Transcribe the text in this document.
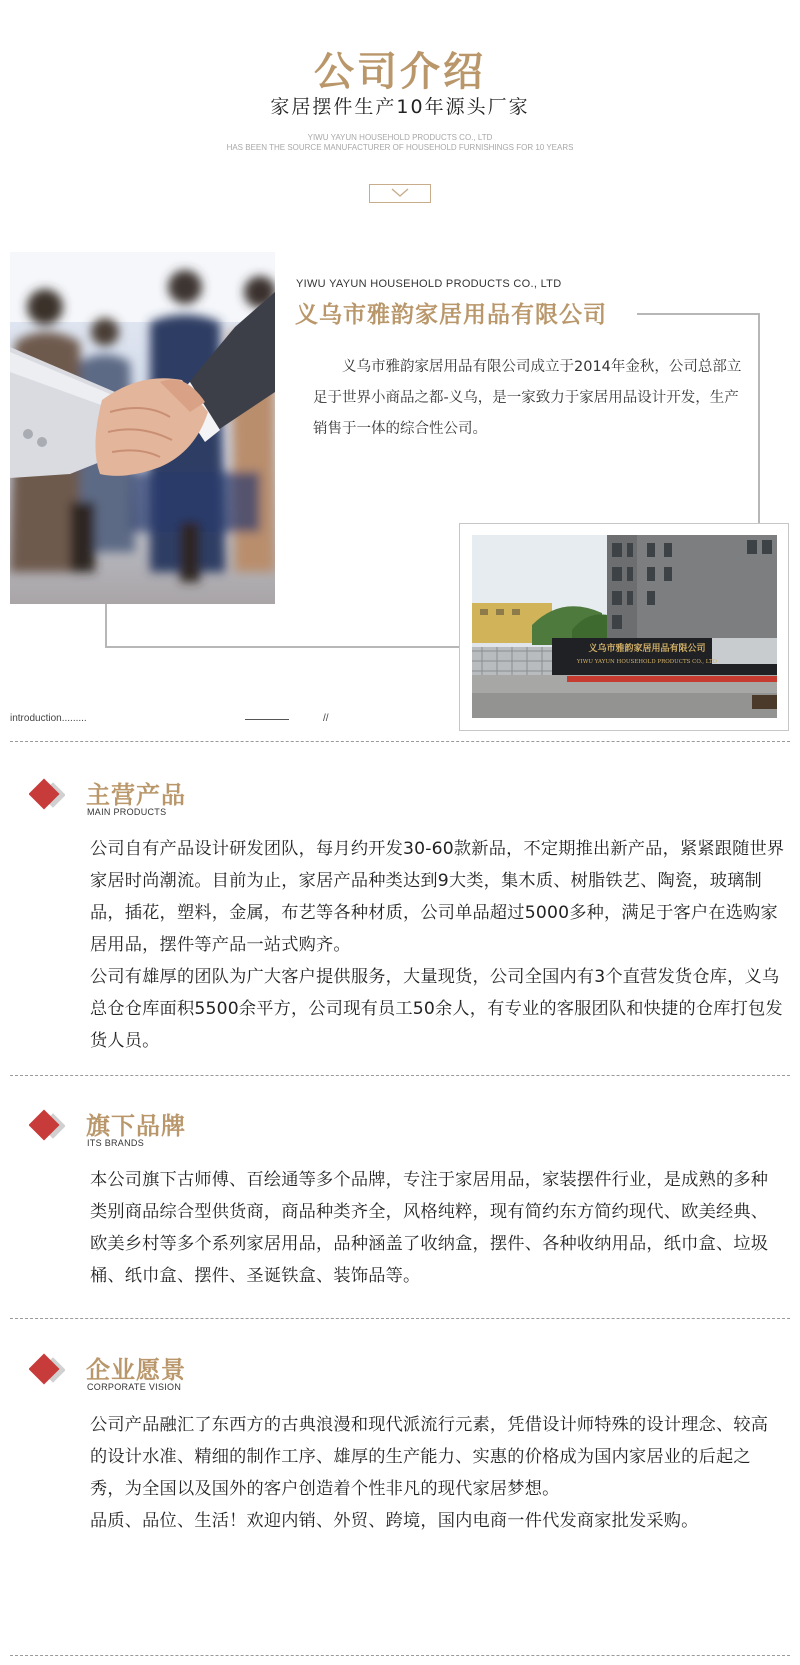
公司介绍
家居摆件生产10年源头厂家
YIWU YAYUN HOUSEHOLD PRODUCTS CO., LTD
HAS BEEN THE SOURCE MANUFACTURER OF HOUSEHOLD FURNISHINGS FOR 10 YEARS
YIWU YAYUN HOUSEHOLD PRODUCTS CO., LTD
义乌市雅韵家居用品有限公司
义乌市雅韵家居用品有限公司成立于2014年金秋，公司总部立足于世界小商品之都-义乌，是一家致力于家居用品设计开发，生产销售于一体的综合性公司。
义乌市雅韵家居用品有限公司
YIWU YAYUN HOUSEHOLD PRODUCTS CO., LTD
introduction.........	//
主营产品
MAIN PRODUCTS

公司自有产品设计研发团队，每月约开发30-60款新品，不定期推出新产品，紧紧跟随世界家居时尚潮流。目前为止，家居产品种类达到9大类，集木质、树脂铁艺、陶瓷，玻璃制品，插花，塑料，金属，布艺等各种材质，公司单品超过5000多种，满足于客户在选购家居用品，摆件等产品一站式购齐。

公司有雄厚的团队为广大客户提供服务，大量现货，公司全国内有3个直营发货仓库，义乌总仓仓库面积5500余平方，公司现有员工50余人，有专业的客服团队和快捷的仓库打包发货人员。

旗下品牌
ITS BRANDS

本公司旗下古师傅、百绘通等多个品牌，专注于家居用品，家装摆件行业，是成熟的多种类别商品综合型供货商，商品种类齐全，风格纯粹，现有简约东方简约现代、欧美经典、欧美乡村等多个系列家居用品，品种涵盖了收纳盒，摆件、各种收纳用品，纸巾盒、垃圾桶、纸巾盒、摆件、圣诞铁盒、装饰品等。

企业愿景
CORPORATE VISION

公司产品融汇了东西方的古典浪漫和现代派流行元素，凭借设计师特殊的设计理念、较高的设计水准、精细的制作工序、雄厚的生产能力、实惠的价格成为国内家居业的后起之秀，为全国以及国外的客户创造着个性非凡的现代家居梦想。

品质、品位、生活！欢迎内销、外贸、跨境，国内电商一件代发商家批发采购。
